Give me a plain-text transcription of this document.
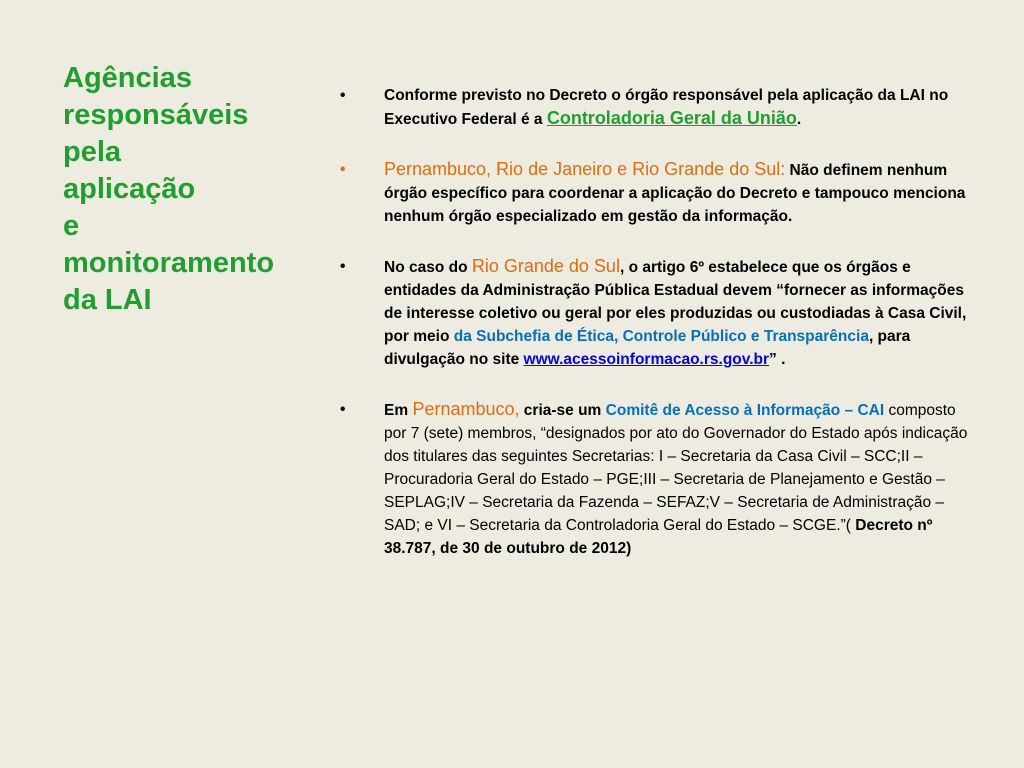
Agências
responsáveis
pela
aplicação
e
monitoramento
da LAI
• Conforme previsto no Decreto o órgão responsável pela aplicação da LAI no Executivo Federal é a Controladoria Geral da União.
• Pernambuco, Rio de Janeiro e Rio Grande do Sul: Não definem nenhum órgão específico para coordenar a aplicação do Decreto e tampouco menciona nenhum órgão especializado em gestão da informação.
• No caso do Rio Grande do Sul, o artigo 6º estabelece que os órgãos e entidades da Administração Pública Estadual devem “fornecer as informações de interesse coletivo ou geral por eles produzidas ou custodiadas à Casa Civil, por meio da Subchefia de Ética, Controle Público e Transparência, para divulgação no site www.acessoinformacao.rs.gov.br” .
• Em Pernambuco, cria-se um Comitê de Acesso à Informação – CAI composto por 7 (sete) membros, “designados por ato do Governador do Estado após indicação dos titulares das seguintes Secretarias: I – Secretaria da Casa Civil – SCC;II – Procuradoria Geral do Estado – PGE;III – Secretaria de Planejamento e Gestão – SEPLAG;IV – Secretaria da Fazenda – SEFAZ;V – Secretaria de Administração – SAD; e VI – Secretaria da Controladoria Geral do Estado – SCGE.”( Decreto nº 38.787, de 30 de outubro de 2012)
